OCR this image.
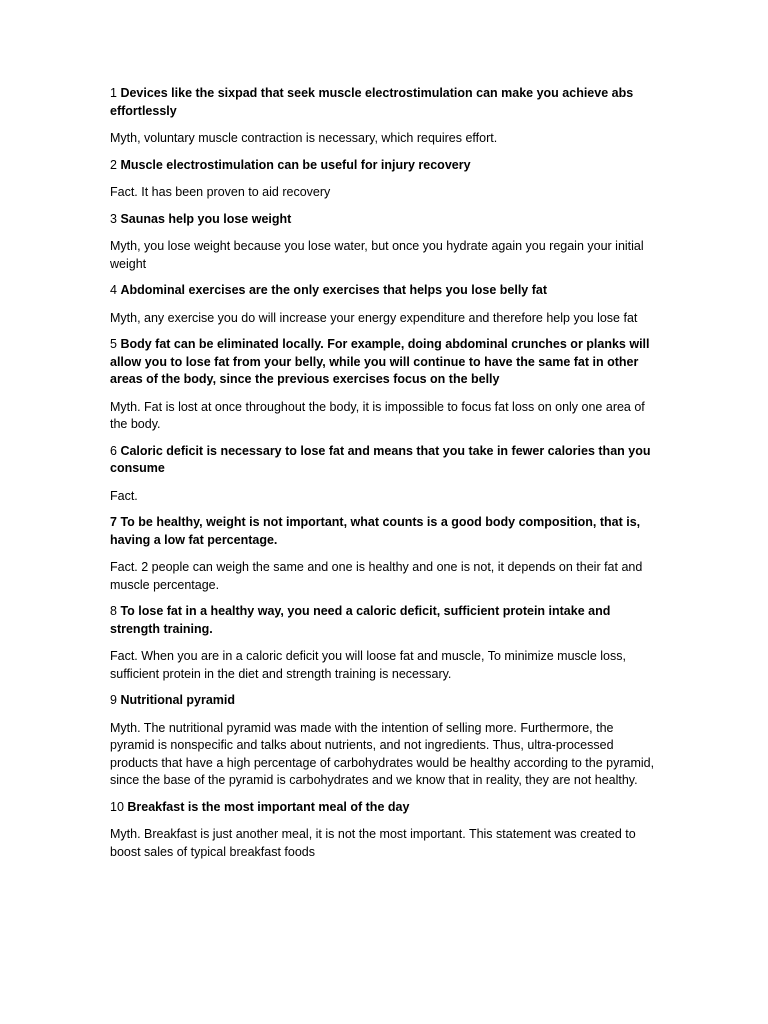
1 Devices like the sixpad that seek muscle electrostimulation can make you achieve abs effortlessly

Myth, voluntary muscle contraction is necessary, which requires effort.

2 Muscle electrostimulation can be useful for injury recovery

Fact. It has been proven to aid recovery

3 Saunas help you lose weight

Myth, you lose weight because you lose water, but once you hydrate again you regain your initial weight

4 Abdominal exercises are the only exercises that helps you lose belly fat

Myth, any exercise you do will increase your energy expenditure and therefore help you lose fat

5 Body fat can be eliminated locally. For example, doing abdominal crunches or planks will allow you to lose fat from your belly, while you will continue to have the same fat in other areas of the body, since the previous exercises focus on the belly

Myth. Fat is lost at once throughout the body, it is impossible to focus fat loss on only one area of the body.

6 Caloric deficit is necessary to lose fat and means that you take in fewer calories than you consume

Fact.

7 To be healthy, weight is not important, what counts is a good body composition, that is, having a low fat percentage.

Fact. 2 people can weigh the same and one is healthy and one is not, it depends on their fat and muscle percentage.

8 To lose fat in a healthy way, you need a caloric deficit, sufficient protein intake and strength training.

Fact. When you are in a caloric deficit you will loose fat and muscle, To minimize muscle loss, sufficient protein in the diet and strength training is necessary.

9 Nutritional pyramid

Myth. The nutritional pyramid was made with the intention of selling more. Furthermore, the pyramid is nonspecific and talks about nutrients, and not ingredients. Thus, ultra-processed products that have a high percentage of carbohydrates would be healthy according to the pyramid, since the base of the pyramid is carbohydrates and we know that in reality, they are not healthy.

10 Breakfast is the most important meal of the day

Myth. Breakfast is just another meal, it is not the most important. This statement was created to boost sales of typical breakfast foods
